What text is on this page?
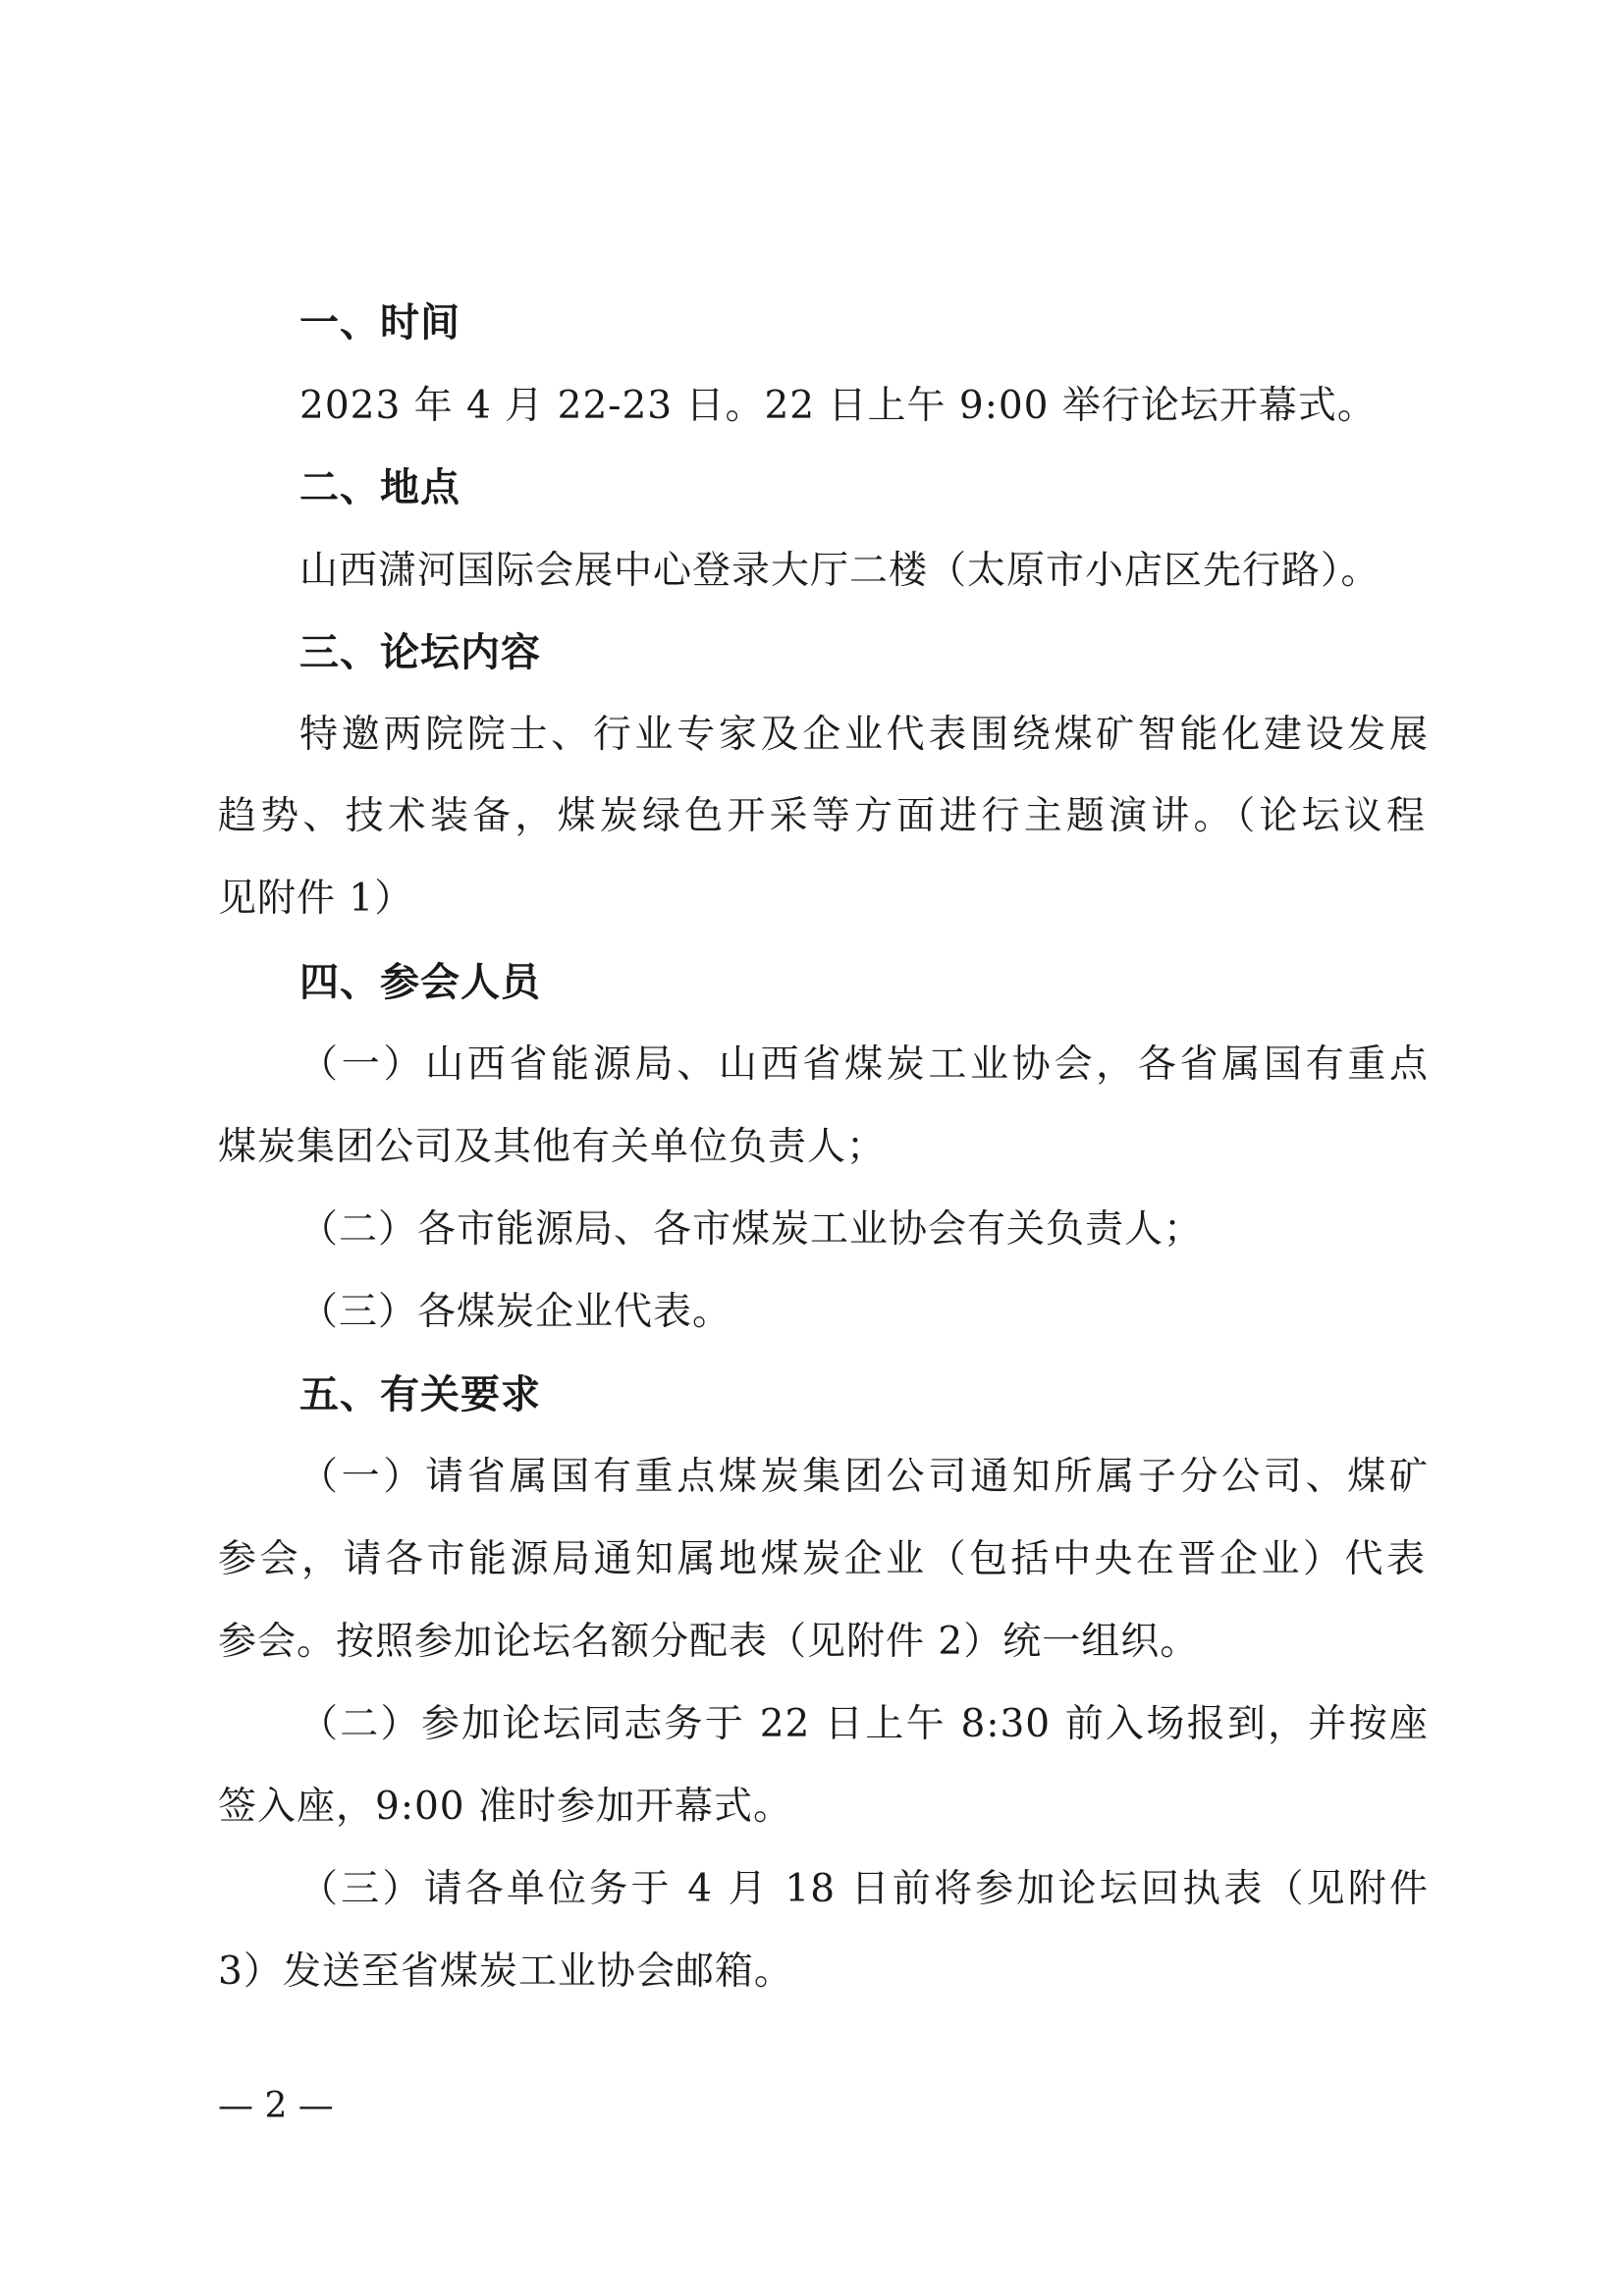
一、时间
2023 年 4 月 22-23 日。22 日上午 9:00 举行论坛开幕式。
二、地点
山西潇河国际会展中心登录大厅二楼（太原市小店区先行路）。
三、论坛内容
特邀两院院士、行业专家及企业代表围绕煤矿智能化建设发展
趋势、技术装备，煤炭绿色开采等方面进行主题演讲。（论坛议程
见附件 1）
四、参会人员
（一）山西省能源局、山西省煤炭工业协会，各省属国有重点
煤炭集团公司及其他有关单位负责人；
（二）各市能源局、各市煤炭工业协会有关负责人；
（三）各煤炭企业代表。
五、有关要求
（一）请省属国有重点煤炭集团公司通知所属子分公司、煤矿
参会，请各市能源局通知属地煤炭企业（包括中央在晋企业）代表
参会。按照参加论坛名额分配表（见附件 2）统一组织。
（二）参加论坛同志务于 22 日上午 8:30 前入场报到，并按座
签入座，9:00 准时参加开幕式。
（三）请各单位务于 4 月 18 日前将参加论坛回执表（见附件
3）发送至省煤炭工业协会邮箱。
— 2 —
